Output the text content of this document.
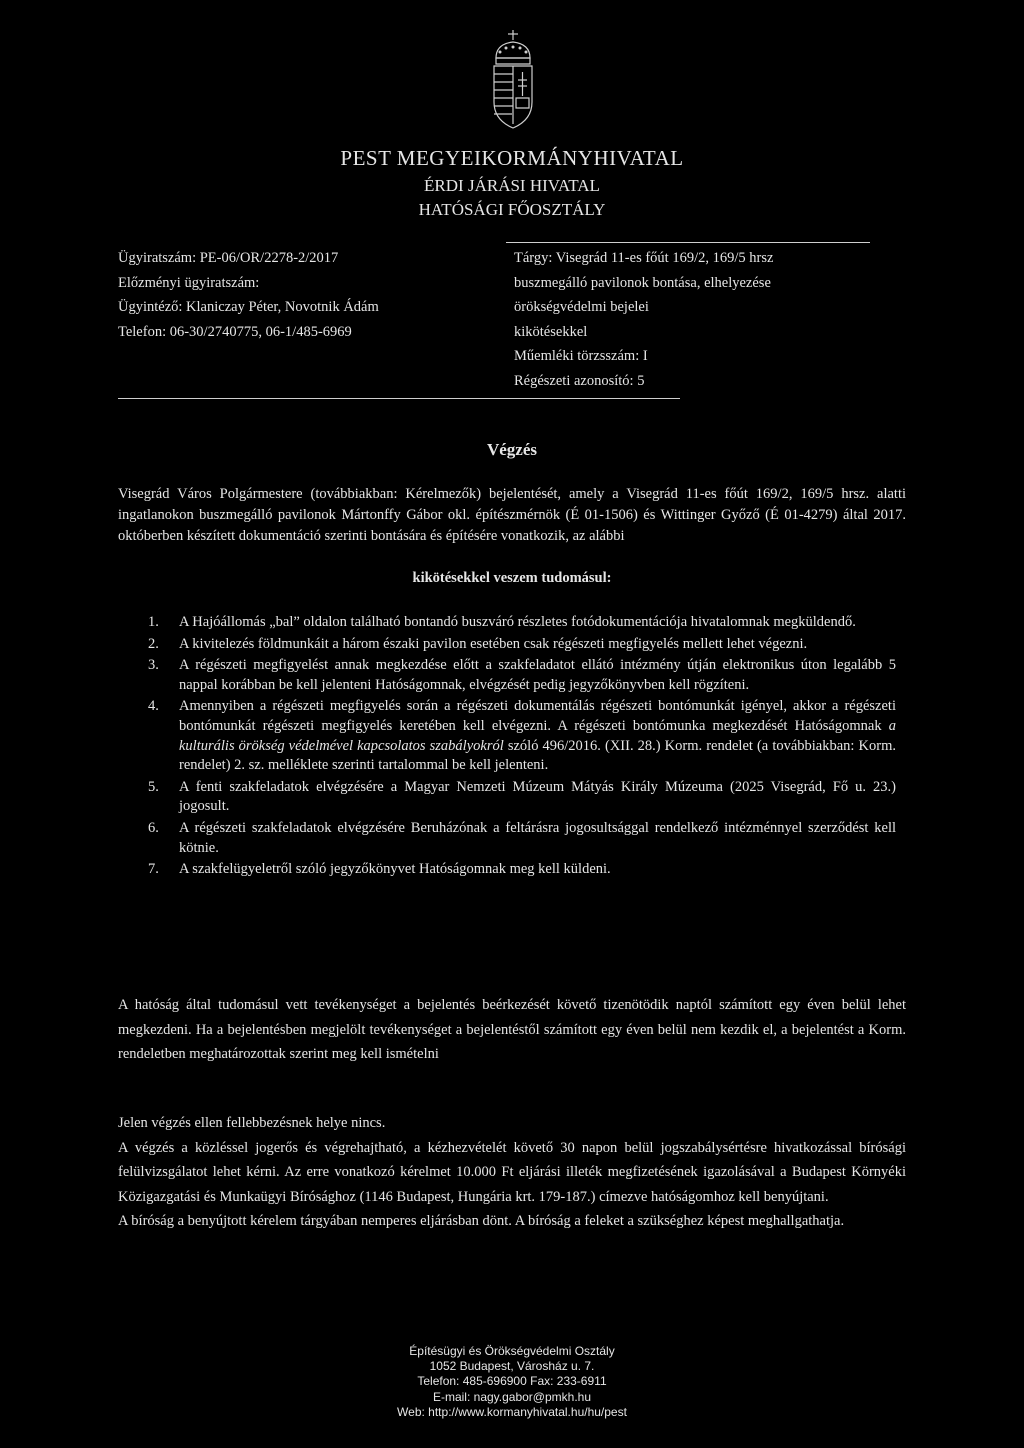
PEST MEGYEIKORMÁNYHIVATAL
ÉRDI JÁRÁSI HIVATAL
HATÓSÁGI FŐOSZTÁLY
Ügyiratszám: PE-06/OR/2278-2/2017
Előzményi ügyiratszám:
Ügyintéző: Klaniczay Péter, Novotnik Ádám
Telefon: 06-30/2740775, 06-1/485-6969
Tárgy: Visegrád 11-es főút 169/2, 169/5 hrsz
buszmegálló pavilonok bontása, elhelyezése
örökségvédelmi bejelei
kikötésekkel
Műemléki törzsszám: I
Régészeti azonosító: 5
Végzés
Visegrád Város Polgármestere (továbbiakban: Kérelmezők) bejelentését, amely a Visegrád 11-es főút 169/2, 169/5 hrsz. alatti ingatlanokon buszmegálló pavilonok Mártonffy Gábor okl. építészmérnök (É 01-1506) és Wittinger Győző (É 01-4279) által 2017. októberben készített dokumentáció szerinti bontására és építésére vonatkozik, az alábbi
kikötésekkel veszem tudomásul:
1. A Hajóállomás „bal” oldalon található bontandó buszváró részletes fotódokumentációja hivatalomnak megküldendő.
2. A kivitelezés földmunkáit a három északi pavilon esetében csak régészeti megfigyelés mellett lehet végezni.
3. A régészeti megfigyelést annak megkezdése előtt a szakfeladatot ellátó intézmény útján elektronikus úton legalább 5 nappal korábban be kell jelenteni Hatóságomnak, elvégzését pedig jegyzőkönyvben kell rögzíteni.
4. Amennyiben a régészeti megfigyelés során a régészeti dokumentálás régészeti bontómunkát igényel, akkor a régészeti bontómunkát régészeti megfigyelés keretében kell elvégezni. A régészeti bontómunka megkezdését Hatóságomnak a kulturális örökség védelmével kapcsolatos szabályokról szóló 496/2016. (XII. 28.) Korm. rendelet (a továbbiakban: Korm. rendelet) 2. sz. melléklete szerinti tartalommal be kell jelenteni.
5. A fenti szakfeladatok elvégzésére a Magyar Nemzeti Múzeum Mátyás Király Múzeuma (2025 Visegrád, Fő u. 23.) jogosult.
6. A régészeti szakfeladatok elvégzésére Beruházónak a feltárásra jogosultsággal rendelkező intézménnyel szerződést kell kötnie.
7. A szakfelügyeletről szóló jegyzőkönyvet Hatóságomnak meg kell küldeni.
A hatóság által tudomásul vett tevékenységet a bejelentés beérkezését követő tizenötödik naptól számított egy éven belül lehet megkezdeni. Ha a bejelentésben megjelölt tevékenységet a bejelentéstől számított egy éven belül nem kezdik el, a bejelentést a Korm. rendeletben meghatározottak szerint meg kell ismételni
Jelen végzés ellen fellebbezésnek helye nincs.
A végzés a közléssel jogerős és végrehajtható, a kézhezvételét követő 30 napon belül jogszabálysértésre hivatkozással bírósági felülvizsgálatot lehet kérni. Az erre vonatkozó kérelmet 10.000 Ft eljárási illeték megfizetésének igazolásával a Budapest Környéki Közigazgatási és Munkaügyi Bírósághoz (1146 Budapest, Hungária krt. 179-187.) címezve hatóságomhoz kell benyújtani.
A bíróság a benyújtott kérelem tárgyában nemperes eljárásban dönt. A bíróság a feleket a szükséghez képest meghallgathatja.
Építésügyi és Örökségvédelmi Osztály
1052 Budapest, Városház u. 7.
Telefon: 485-696900 Fax: 233-6911
E-mail: nagy.gabor@pmkh.hu
Web: http://www.kormanyhivatal.hu/hu/pest
